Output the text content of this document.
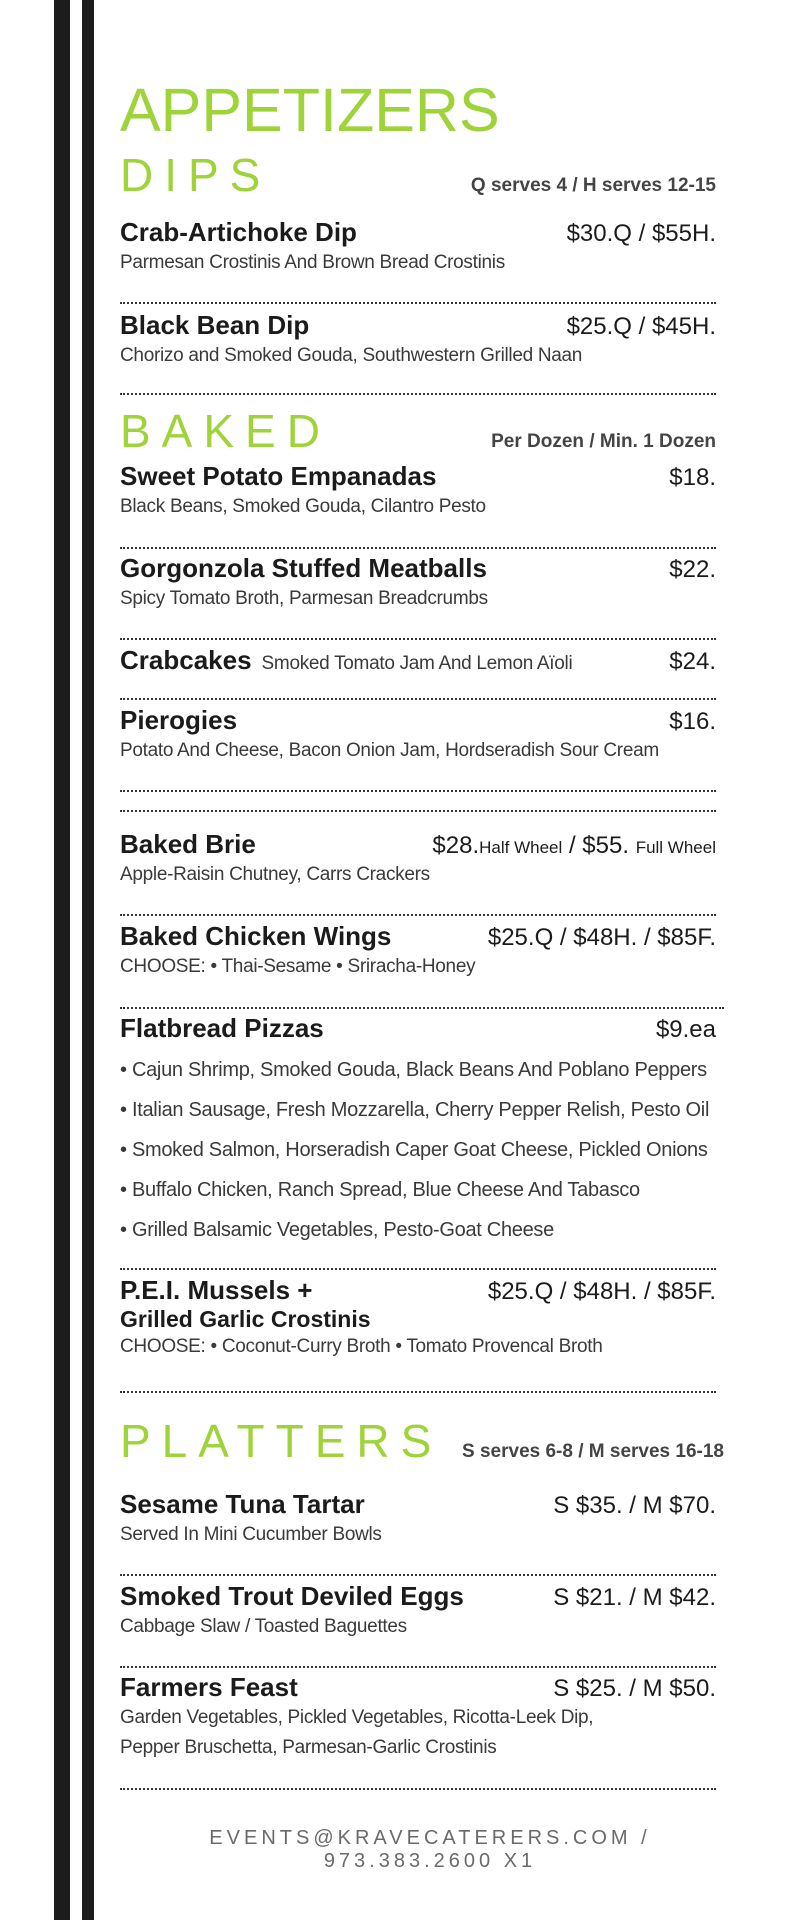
APPETIZERS
DIPS	Q serves 4 / H serves 12-15
Crab-Artichoke Dip	$30.Q / $55H.
Parmesan Crostinis And Brown Bread Crostinis
Black Bean Dip	$25.Q / $45H.
Chorizo and Smoked Gouda, Southwestern Grilled Naan
BAKED	Per Dozen / Min. 1 Dozen
Sweet Potato Empanadas	$18.
Black Beans, Smoked Gouda, Cilantro Pesto
Gorgonzola Stuffed Meatballs	$22.
Spicy Tomato Broth, Parmesan Breadcrumbs
Crabcakes Smoked Tomato Jam And Lemon Aïoli	$24.
Pierogies	$16.
Potato And Cheese, Bacon Onion Jam, Hordseradish Sour Cream
Baked Brie	$28.Half Wheel / $55. Full Wheel
Apple-Raisin Chutney, Carrs Crackers
Baked Chicken Wings	$25.Q / $48H. / $85F.
CHOOSE: • Thai-Sesame • Sriracha-Honey
Flatbread Pizzas	$9.ea
• Cajun Shrimp, Smoked Gouda, Black Beans And Poblano Peppers
• Italian Sausage, Fresh Mozzarella, Cherry Pepper Relish, Pesto Oil
• Smoked Salmon, Horseradish Caper Goat Cheese, Pickled Onions
• Buffalo Chicken, Ranch Spread, Blue Cheese And Tabasco
• Grilled Balsamic Vegetables, Pesto-Goat Cheese
P.E.I. Mussels +	$25.Q / $48H. / $85F.
Grilled Garlic Crostinis
CHOOSE: • Coconut-Curry Broth • Tomato Provencal Broth
PLATTERS S serves 6-8 / M serves 16-18
Sesame Tuna Tartar	S $35. / M $70.
Served In Mini Cucumber Bowls
Smoked Trout Deviled Eggs	S $21. / M $42.
Cabbage Slaw / Toasted Baguettes
Farmers Feast	S $25. / M $50.
Garden Vegetables, Pickled Vegetables, Ricotta-Leek Dip,
Pepper Bruschetta, Parmesan-Garlic Crostinis
EVENTS@KRAVECATERERS.COM / 973.383.2600 X1
